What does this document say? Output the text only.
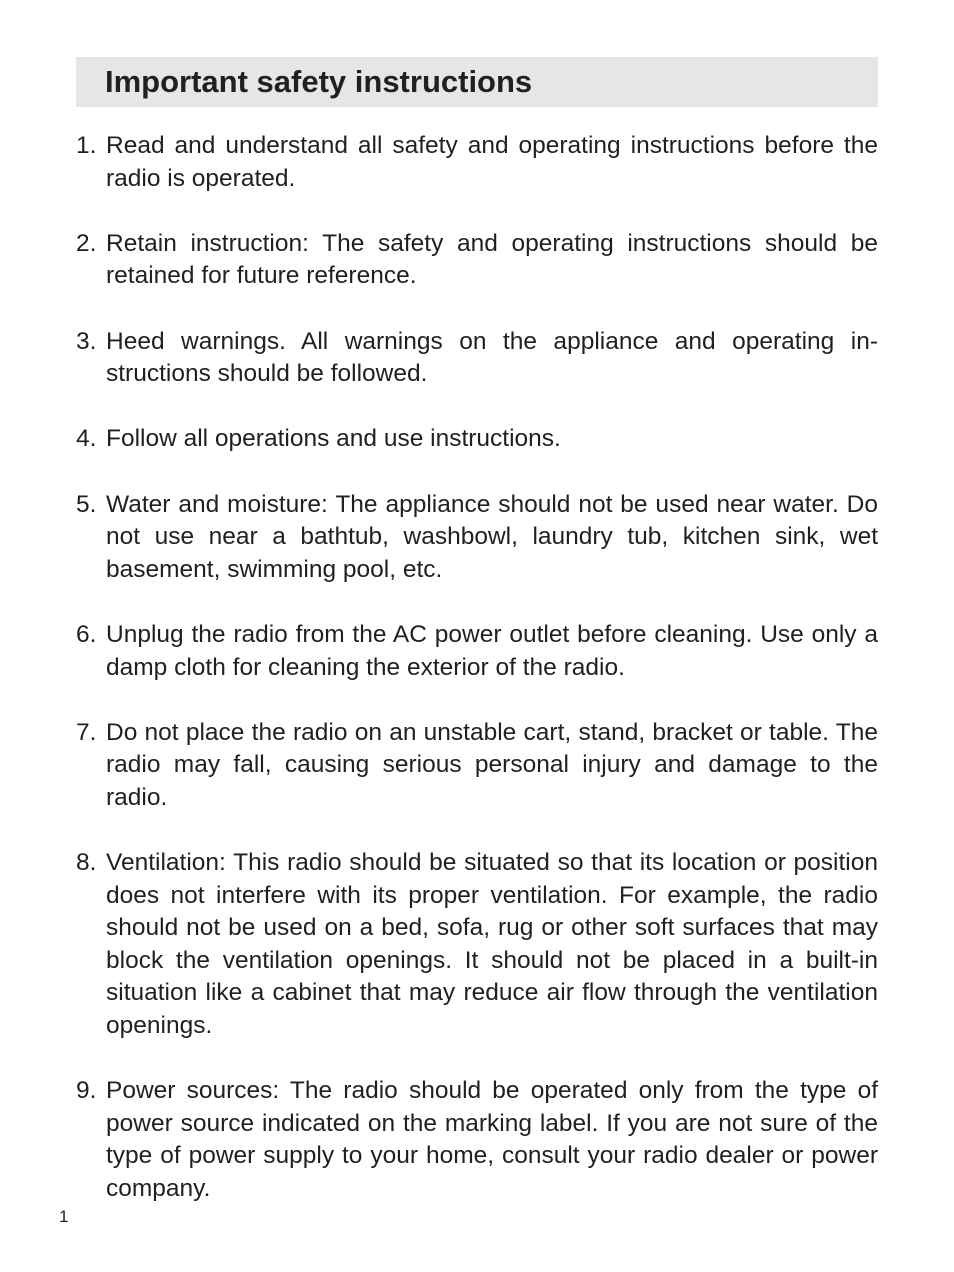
Important safety instructions
1. Read and understand all safety and operating instructions before the radio is operated.
2. Retain instruction: The safety and operating instructions should be retained for future reference.
3. Heed warnings. All warnings on the appliance and operating instructions should be followed.
4. Follow all operations and use instructions.
5. Water and moisture: The appliance should not be used near water. Do not use near a bathtub, washbowl, laundry tub, kitchen sink, wet basement, swimming pool, etc.
6. Unplug the radio from the AC power outlet before cleaning. Use only a damp cloth for cleaning the exterior of the radio.
7. Do not place the radio on an unstable cart, stand, bracket or table. The radio may fall, causing serious personal injury and damage to the radio.
8. Ventilation: This radio should be situated so that its location or position does not interfere with its proper ventilation. For example, the radio should not be used on a bed, sofa, rug or other soft surfaces that may block the ventilation openings. It should not be placed in a built-in situation like a cabinet that may reduce air flow through the ventilation openings.
9. Power sources: The radio should be operated only from the type of power source indicated on the marking label. If you are not sure of the type of power supply to your home, consult your radio dealer or power company.
1
